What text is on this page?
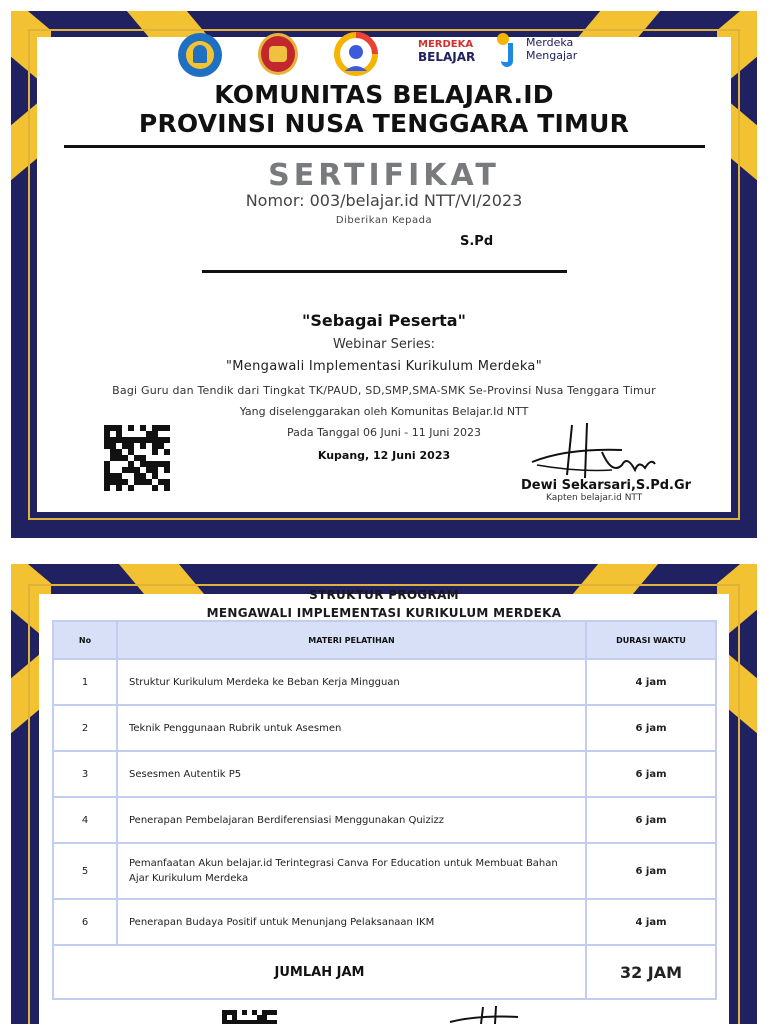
MERDEKA
BELAJAR
Merdeka
Mengajar
KOMUNITAS BELAJAR.ID
PROVINSI NUSA TENGGARA TIMUR
SERTIFIKAT
Nomor: 003/belajar.id NTT/VI/2023
Diberikan Kepada
S.Pd
"Sebagai Peserta"
Webinar Series:
"Mengawali Implementasi Kurikulum Merdeka"
Bagi Guru dan Tendik dari Tingkat TK/PAUD, SD,SMP,SMA-SMK Se-Provinsi Nusa Tenggara Timur
Yang diselenggarakan oleh Komunitas Belajar.Id NTT
Pada Tanggal 06 Juni - 11 Juni 2023
Kupang, 12 Juni 2023
Dewi Sekarsari,S.Pd.Gr
Kapten belajar.id NTT
STRUKTUR PROGRAM
MENGAWALI IMPLEMENTASI KURIKULUM MERDEKA
No	MATERI PELATIHAN	DURASI WAKTU
1	Struktur Kurikulum Merdeka ke Beban Kerja Mingguan	4 jam
2	Teknik Penggunaan Rubrik untuk Asesmen	6 jam
3	Sesesmen Autentik P5	6 jam
4	Penerapan Pembelajaran Berdiferensiasi Menggunakan Quizizz	6 jam
5	Pemanfaatan Akun belajar.id Terintegrasi Canva For Education untuk Membuat Bahan Ajar Kurikulum Merdeka	6 jam
6	Penerapan Budaya Positif untuk Menunjang Pelaksanaan IKM	4 jam
JUMLAH JAM		32 JAM
